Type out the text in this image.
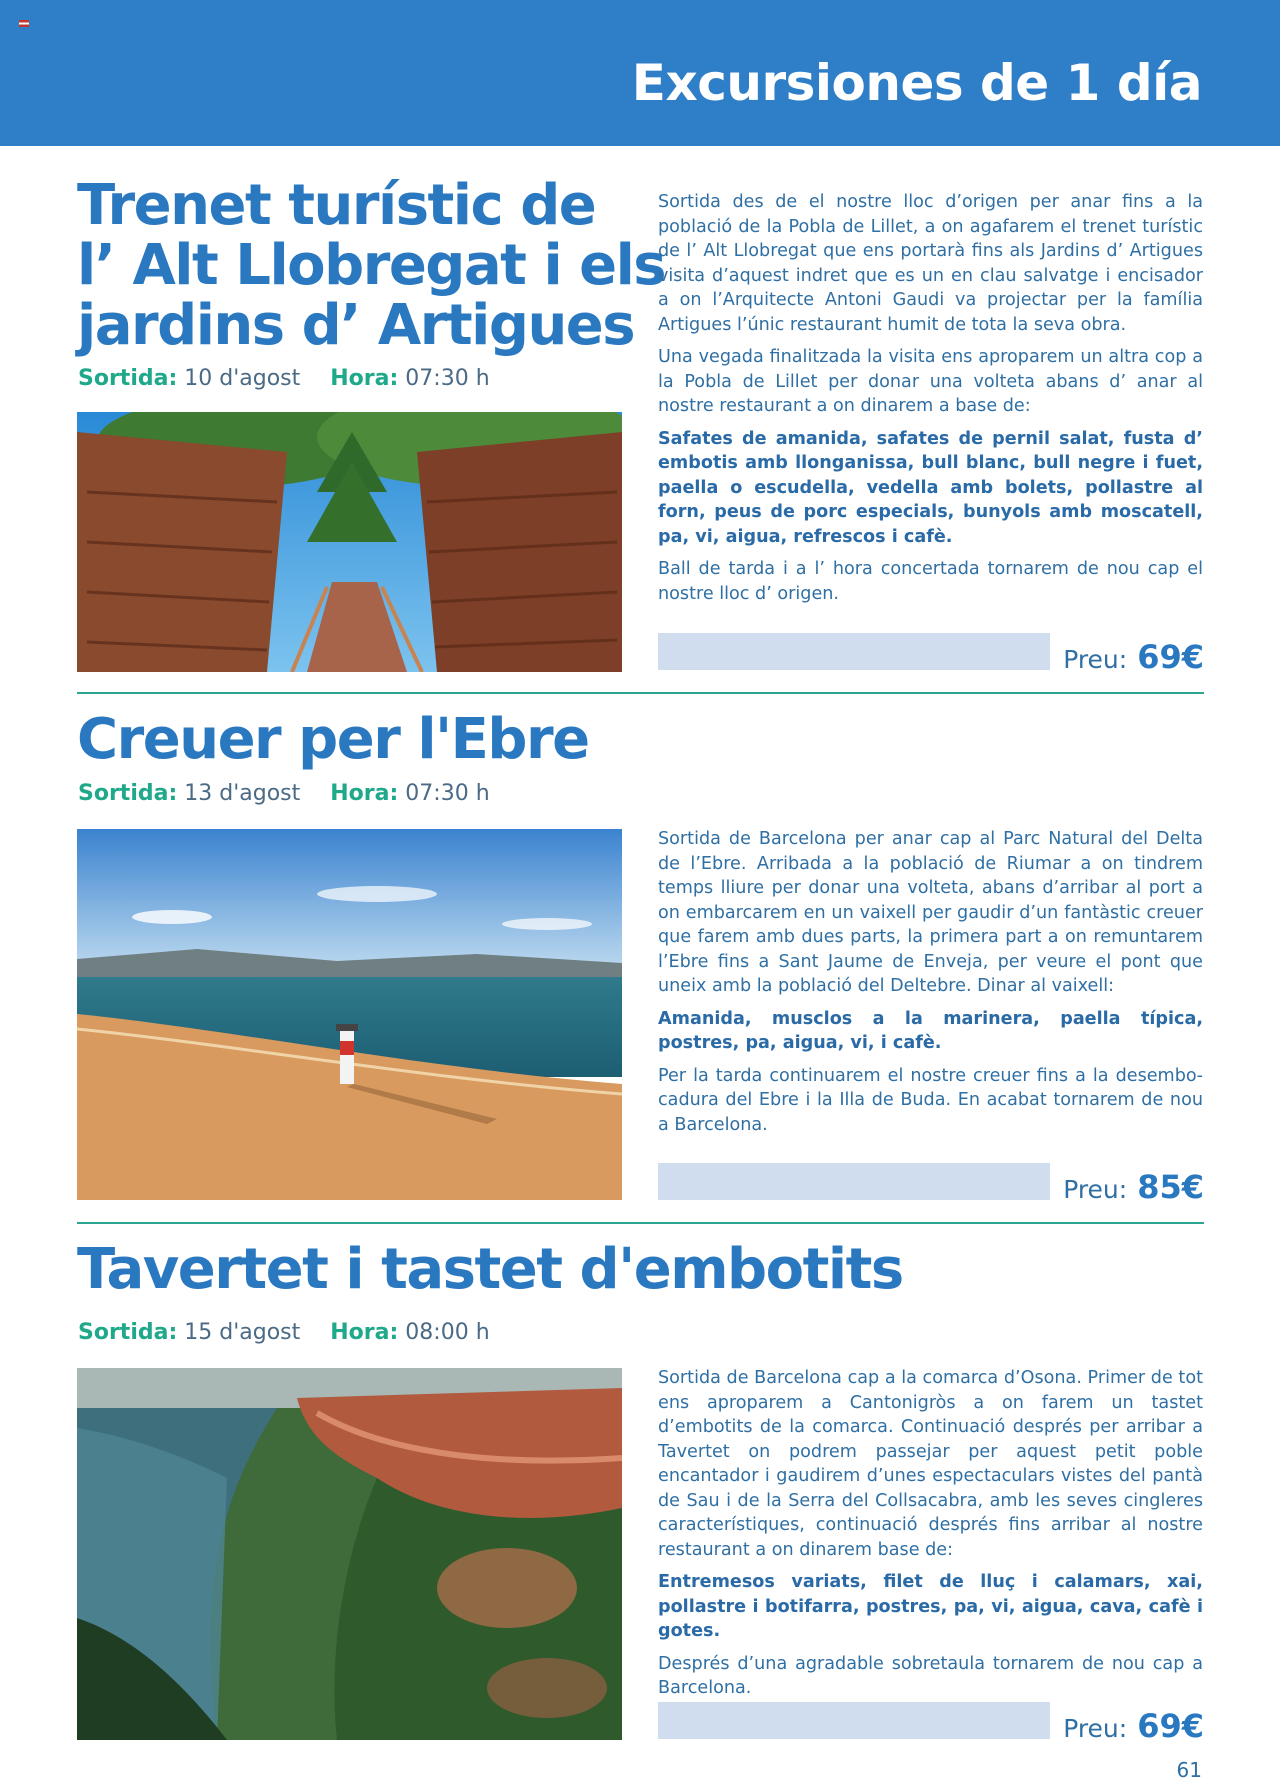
Excursiones de 1 día
Trenet turístic de
l’ Alt Llobregat i els
jardins d’ Artigues
Sortida: 10 d'agost Hora: 07:30 h

Sortida des de el nostre lloc d’origen per anar fins a la població de la Pobla de Lillet, a on agafarem el trenet turístic de l’ Alt Llobregat que ens portarà fins als Jardins d’ Artigues visita d’aquest indret que es un en clau salvatge i encisador a on l’Arquitecte Antoni Gaudi va projectar per la família Artigues l’únic restaurant humit de tota la seva obra.

Una vegada finalitzada la visita ens aproparem un altra cop a la Pobla de Lillet per donar una volteta abans d’ anar al nostre restaurant a on dinarem a base de:

Safates de amanida, safates de pernil salat, fusta d’ embotis amb llonganissa, bull blanc, bull negre i fuet, paella o escudella, vedella amb bolets, pollastre al forn, peus de porc especials, bunyols amb moscatell, pa, vi, aigua, refrescos i cafè.

Ball de tarda i a l’ hora concertada tornarem de nou cap el nostre lloc d’ origen.

Preu: 69€
Creuer per l'Ebre
Sortida: 13 d'agost Hora: 07:30 h

Sortida de Barcelona per anar cap al Parc Natural del Delta de l’Ebre. Arribada a la població de Riumar a on tindrem temps lliure per donar una volteta, abans d’arribar al port a on embarcarem en un vaixell per gaudir d’un fantàstic creuer que farem amb dues parts, la primera part a on remuntarem l’Ebre fins a Sant Jaume de Enveja, per veure el pont que uneix amb la població del Deltebre. Dinar al vaixell:

Amanida, musclos a la marinera, paella típica, postres, pa, aigua, vi, i cafè.

Per la tarda continuarem el nostre creuer fins a la desembocadura del Ebre i la Illa de Buda. En acabat tornarem de nou a Barcelona.

Preu: 85€
Tavertet i tastet d'embotits
Sortida: 15 d'agost Hora: 08:00 h

Sortida de Barcelona cap a la comarca d’Osona. Primer de tot ens aproparem a Cantonigròs a on farem un tastet d’embotits de la comarca. Continuació després per arribar a Tavertet on podrem passejar per aquest petit poble encantador i gaudirem d’unes espectaculars vistes del pantà de Sau i de la Serra del Collsacabra, amb les seves cingleres característiques, continuació després fins arribar al nostre restaurant a on dinarem base de:

Entremesos variats, filet de lluç i calamars, xai, pollastre i botifarra, postres, pa, vi, aigua, cava, cafè i gotes.

Després d’una agradable sobretaula tornarem de nou cap a Barcelona.

Preu: 69€
61
